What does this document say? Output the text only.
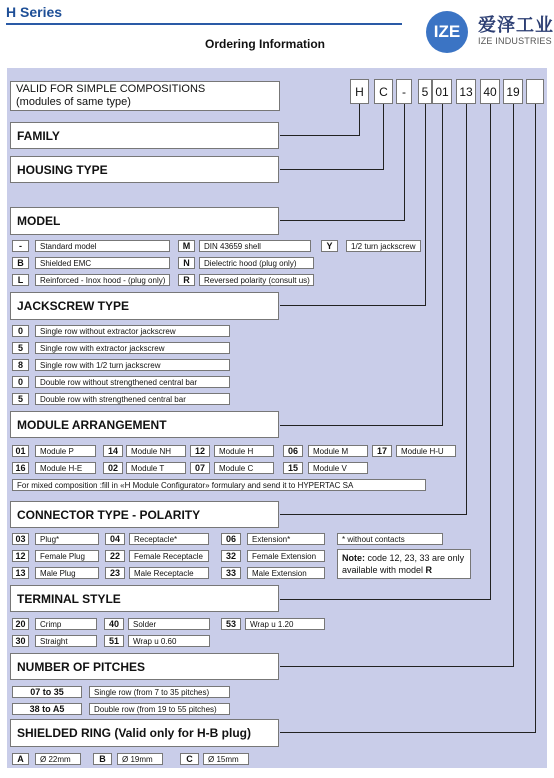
H Series
Ordering Information
IZE 爱泽工业
IZE INDUSTRIES
VALID FOR SIMPLE COMPOSITIONS
(modules of same type)
H	C	-	5 01 13 40 19
FAMILY
HOUSING TYPE
MODEL
JACKSCREW TYPE
MODULE ARRANGEMENT
CONNECTOR TYPE - POLARITY
TERMINAL STYLE
NUMBER OF PITCHES
SHIELDED RING (Valid only for H-B plug)
-	Standard model	M	DIN 43659 shell	Y	1/2 turn jackscrew
B	Shielded EMC	N	Dielectric hood (plug only)
L	Reinforced - Inox hood - (plug only)	R	Reversed polarity (consult us)
0	Single row without extractor jackscrew
5	Single row with extractor jackscrew
8	Single row with 1/2 turn jackscrew
0	Double row without strengthened central bar
5	Double row with strengthened central bar
01	Module P	14	Module NH	12	Module H	06	Module M	17	Module H-U
16	Module H-E	02	Module T	07	Module C	15	Module V
For mixed composition :fill in «H Module Configurator» formulary and send it to HYPERTAC SA
03	Plug*	04	Receptacle*	06	Extension*	* without contacts
12	Female Plug	22	Female Receptacle	32	Female Extension
13	Male Plug	23	Male Receptacle	33	Male Extension
Note: code 12, 23, 33 are only available with model R
20	Crimp	40	Solder	53	Wrap u 1.20
30	Straight	51	Wrap u 0.60
07 to 35	Single row (from 7 to 35 pitches)
38 to A5	Double row (from 19 to 55 pitches)
A	Ø 22mm	B	Ø 19mm	C	Ø 15mm
